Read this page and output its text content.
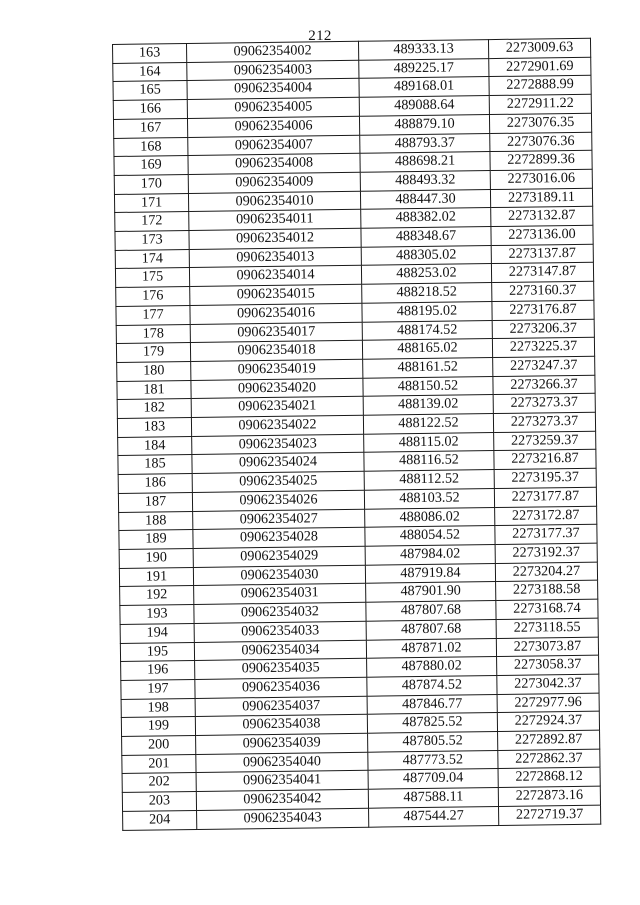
212
163	09062354002	489333.13	2273009.63
164	09062354003	489225.17	2272901.69
165	09062354004	489168.01	2272888.99
166	09062354005	489088.64	2272911.22
167	09062354006	488879.10	2273076.35
168	09062354007	488793.37	2273076.36
169	09062354008	488698.21	2272899.36
170	09062354009	488493.32	2273016.06
171	09062354010	488447.30	2273189.11
172	09062354011	488382.02	2273132.87
173	09062354012	488348.67	2273136.00
174	09062354013	488305.02	2273137.87
175	09062354014	488253.02	2273147.87
176	09062354015	488218.52	2273160.37
177	09062354016	488195.02	2273176.87
178	09062354017	488174.52	2273206.37
179	09062354018	488165.02	2273225.37
180	09062354019	488161.52	2273247.37
181	09062354020	488150.52	2273266.37
182	09062354021	488139.02	2273273.37
183	09062354022	488122.52	2273273.37
184	09062354023	488115.02	2273259.37
185	09062354024	488116.52	2273216.87
186	09062354025	488112.52	2273195.37
187	09062354026	488103.52	2273177.87
188	09062354027	488086.02	2273172.87
189	09062354028	488054.52	2273177.37
190	09062354029	487984.02	2273192.37
191	09062354030	487919.84	2273204.27
192	09062354031	487901.90	2273188.58
193	09062354032	487807.68	2273168.74
194	09062354033	487807.68	2273118.55
195	09062354034	487871.02	2273073.87
196	09062354035	487880.02	2273058.37
197	09062354036	487874.52	2273042.37
198	09062354037	487846.77	2272977.96
199	09062354038	487825.52	2272924.37
200	09062354039	487805.52	2272892.87
201	09062354040	487773.52	2272862.37
202	09062354041	487709.04	2272868.12
203	09062354042	487588.11	2272873.16
204	09062354043	487544.27	2272719.37
